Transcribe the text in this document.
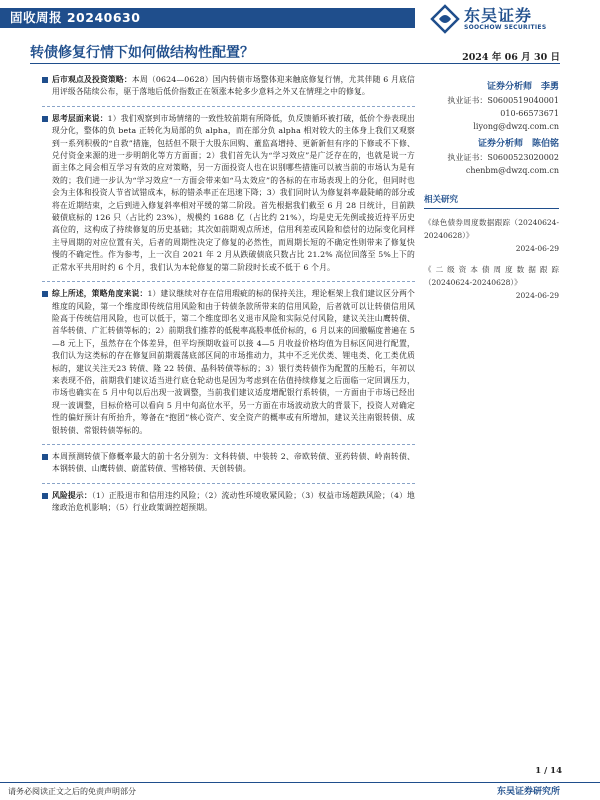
固收周报 20240630	东吴证券
SOOCHOW SECURITIES
转债修复行情下如何做结构性配置？	2024 年 06 月 30 日

后市观点及投资策略：本周（0624—0628）国内转债市场整体迎来触底修复行情，尤其伴随 6 月底信用评级各陆续公布，驱于落地后低价指数正在领涨本轮多少意料之外又在情理之中的修复。

思考层面来说：1）我们观察到市场情绪的一致性较前期有所降低，负反馈循环被打破，低价个券表现出现分化，整体的负 beta 正转化为局部的负 alpha，而在部分负 alpha 相对较大的主体身上我们又观察到一系列积极的“自救”措施，包括但不限于大股东回购、董监高增持、更新新但有序的下修或不下修、兑付资金来源的进一步明朗化等方方面面；2）我们首先认为“学习效应”是广泛存在的，也就是说一方面主体之间会相互学习有效的应对策略，另一方面投资人也在识别哪些措施可以被当前的市场认为是有效的；我们进一步认为“学习效应”一方面会带来如“马太效应”的各标的在市场表现上的分化，但同时也会为主体和投资人节省试错成本，标的错杀率正在迅速下降；3）我们同时认为修复斜率最陡峭的部分或将在近期结束，之后到进入修复斜率相对平缓的第二阶段。首先根据我们截至 6 月 28 日统计，目前跌破债底标的 126 只（占比约 23%），规模约 1688 亿（占比约 21%），均是史无先例或接近持平历史高位的，这构成了持续修复的历史基础；其次如前期观点所述，信用利差或风险和偿付的边际变化同样主导周期的对应位置有关，后者的周期性决定了修复的必然性，而周期长短的不确定性则带来了修复快慢的不确定性。作为参考，上一次自 2021 年 2 月从跌破债底只数占比 21.2% 高位回落至 5%上下的正常水平共用时约 6 个月，我们认为本轮修复的第二阶段时长或不低于 6 个月。

综上所述，策略角度来说：1）建议继续对存在信用瑕疵的标的保持关注，理论框架上我们建议区分两个维度的风险，第一个维度即传统信用风险和由于转债条款所带来的信用风险，后者就可以让转债信用风险高于传统信用风险，也可以低于，第二个维度即名义退市风险和实际兑付风险，建议关注山鹰转债、首华转债、广汇转债等标的；2）前期我们推荐的低税率高股率低价标的，6 月以来的回撤幅度普遍在 5—8 元上下，虽然存在个体差异，但平均预期收益可以接 4—5 月收益价格均值为目标区间进行配置，我们认为这类标的存在修复回前期震荡底部区间的市场推动力，其中不乏光伏类、锂电类、化工类优质标的，建议关注天23 转债、隆 22 转债、晶科转债等标的；3）银行类转债作为配置的压舱石，年初以来表现不俗，前期我们建议适当进行底仓轮动也是因为考虑到在估值持续修复之后面临一定回调压力，市场也确实在 5 月中旬以后出现一波调整，当前我们建议适度增配银行系转债，一方面由于市场已经出现一波调整，目标价格可以看向 5 月中旬高位水平，另一方面在市场波动放大的背景下，投资人对确定性的偏好预计有所抬升，筹备在“抱团”核心资产、安全资产的概率或有所增加，建议关注南银转债、成银转债、常银转债等标的。

本周预测转债下修概率最大的前十名分别为：文科转债、中装转 2、帝欧转债、亚药转债、岭南转债、本钢转债、山鹰转债、蔚蓝转债、雪榕转债、天创转债。

风险提示：（1）正股退市和信用违约风险；（2）流动性环境收紧风险；（3）权益市场超跌风险；（4）地缘政治危机影响；（5）行业政策调控超预期。

证券分析师　李勇
执业证书：S0600519040001
010-66573671
liyong@dwzq.com.cn
证券分析师　陈伯铭
执业证书：S0600523020002
chenbm@dwzq.com.cn
相关研究
《绿色债券周度数据跟踪（20240624-20240628）》
2024-06-29
《二级资本债周度数据跟踪（20240624-20240628）》
2024-06-29
1 / 14
请务必阅读正文之后的免责声明部分	东吴证券研究所
